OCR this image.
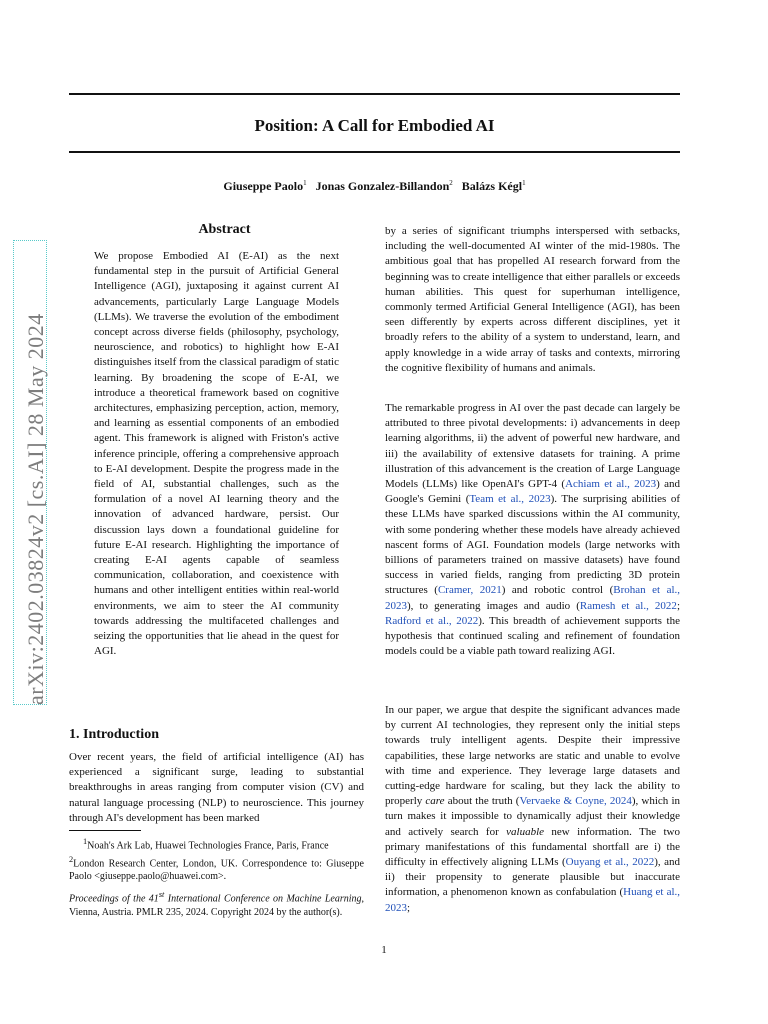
arXiv:2402.03824v2 [cs.AI] 28 May 2024
Position: A Call for Embodied AI
Giuseppe Paolo$^1$ Jonas Gonzalez-Billandon$^2$ Balázs Kégl$^1$
Abstract

We propose Embodied AI (E-AI) as the next fundamental step in the pursuit of Artificial General Intelligence (AGI), juxtaposing it against current AI advancements, particularly Large Language Models (LLMs). We traverse the evolution of the embodiment concept across diverse fields (philosophy, psychology, neuroscience, and robotics) to highlight how E-AI distinguishes itself from the classical paradigm of static learning. By broadening the scope of E-AI, we introduce a theoretical framework based on cognitive architectures, emphasizing perception, action, memory, and learning as essential components of an embodied agent. This framework is aligned with Friston's active inference principle, offering a comprehensive approach to E-AI development. Despite the progress made in the field of AI, substantial challenges, such as the formulation of a novel AI learning theory and the innovation of advanced hardware, persist. Our discussion lays down a foundational guideline for future E-AI research. Highlighting the importance of creating E-AI agents capable of seamless communication, collaboration, and coexistence with humans and other intelligent entities within real-world environments, we aim to steer the AI community towards addressing the multifaceted challenges and seizing the opportunities that lie ahead in the quest for AGI.

1. Introduction

Over recent years, the field of artificial intelligence (AI) has experienced a significant surge, leading to substantial breakthroughs in areas ranging from computer vision (CV) and natural language processing (NLP) to neuroscience. This journey through AI's development has been marked

$^1$Noah's Ark Lab, Huawei Technologies France, Paris, France
$^2$London Research Center, London, UK. Correspondence to: Giuseppe Paolo <giuseppe.paolo@huawei.com>.
Proceedings of the 41st International Conference on Machine Learning, Vienna, Austria. PMLR 235, 2024. Copyright 2024 by the author(s).

by a series of significant triumphs interspersed with setbacks, including the well-documented AI winter of the mid-1980s. The ambitious goal that has propelled AI research forward from the beginning was to create intelligence that either parallels or exceeds human abilities. This quest for superhuman intelligence, commonly termed Artificial General Intelligence (AGI), has been seen differently by experts across different disciplines, yet it broadly refers to the ability of a system to understand, learn, and apply knowledge in a wide array of tasks and contexts, mirroring the cognitive flexibility of humans and animals.

The remarkable progress in AI over the past decade can largely be attributed to three pivotal developments: i) advancements in deep learning algorithms, ii) the advent of powerful new hardware, and iii) the availability of extensive datasets for training. A prime illustration of this advancement is the creation of Large Language Models (LLMs) like OpenAI's GPT-4 (Achiam et al., 2023) and Google's Gemini (Team et al., 2023). The surprising abilities of these LLMs have sparked discussions within the AI community, with some pondering whether these models have already achieved nascent forms of AGI. Foundation models (large networks with billions of parameters trained on massive datasets) have found success in varied fields, ranging from predicting 3D protein structures (Cramer, 2021) and robotic control (Brohan et al., 2023), to generating images and audio (Ramesh et al., 2022; Radford et al., 2022). This breadth of achievement supports the hypothesis that continued scaling and refinement of foundation models could be a viable path toward realizing AGI.

In our paper, we argue that despite the significant advances made by current AI technologies, they represent only the initial steps towards truly intelligent agents. Despite their impressive capabilities, these large networks are static and unable to evolve with time and experience. They leverage large datasets and cutting-edge hardware for scaling, but they lack the ability to properly care about the truth (Vervaeke & Coyne, 2024), which in turn makes it impossible to dynamically adjust their knowledge and actively search for valuable new information. The two primary manifestations of this fundamental shortfall are i) the difficulty in effectively aligning LLMs (Ouyang et al., 2022), and ii) their propensity to generate plausible but inaccurate information, a phenomenon known as confabulation (Huang et al., 2023;

1
